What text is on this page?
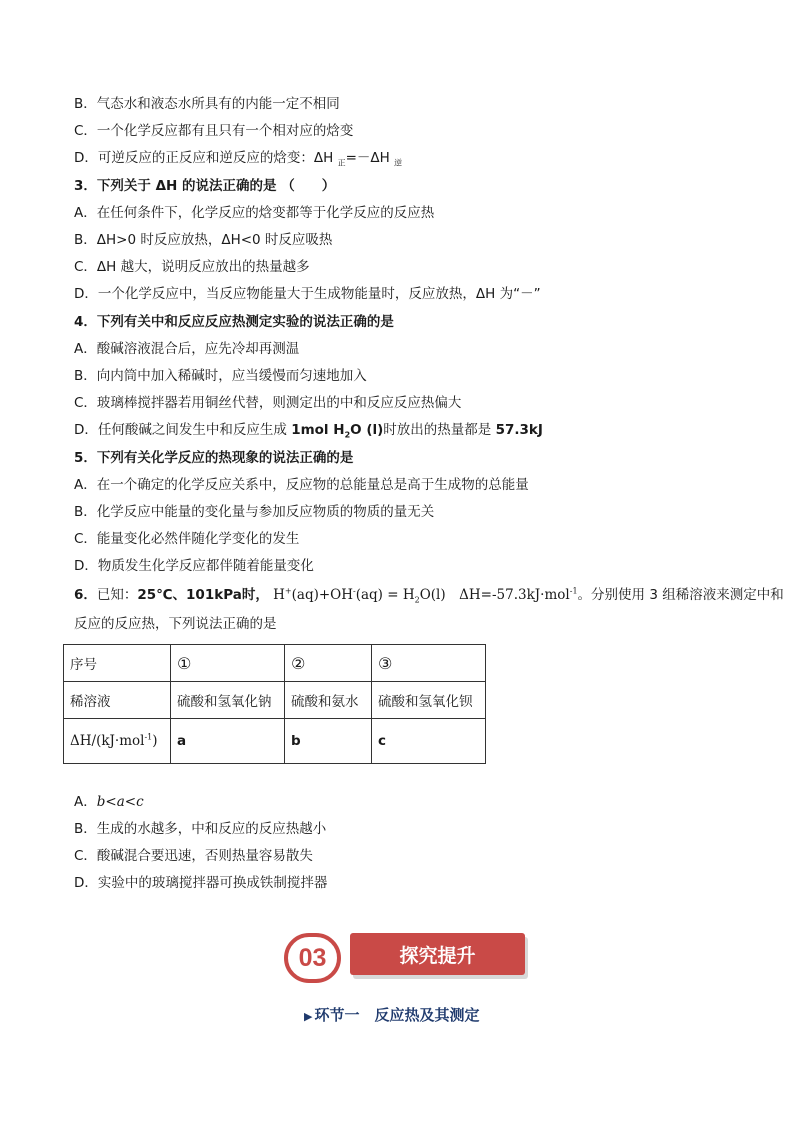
B．气态水和液态水所具有的内能一定不相同
C．一个化学反应都有且只有一个相对应的焓变
D．可逆反应的正反应和逆反应的焓变：ΔH $_正$=－ΔH $_逆$
3．下列关于 ΔH 的说法正确的是 （　　）
A．在任何条件下，化学反应的焓变都等于化学反应的反应热
B．ΔH>0 时反应放热，ΔH<0 时反应吸热
C．ΔH 越大，说明反应放出的热量越多
D．一个化学反应中，当反应物能量大于生成物能量时，反应放热，ΔH 为“－”
4．下列有关中和反应反应热测定实验的说法正确的是
A．酸碱溶液混合后，应先冷却再测温
B．向内筒中加入稀碱时，应当缓慢而匀速地加入
C．玻璃棒搅拌器若用铜丝代替，则测定出的中和反应反应热偏大
D．任何酸碱之间发生中和反应生成 1mol $H_2O$ (l)时放出的热量都是 57.3kJ
5．下列有关化学反应的热现象的说法正确的是
A．在一个确定的化学反应关系中，反应物的总能量总是高于生成物的总能量
B．化学反应中能量的变化量与参加反应物质的物质的量无关
C．能量变化必然伴随化学变化的发生
D．物质发生化学反应都伴随着能量变化
6．已知：25℃、101kPa时， $H^+(aq)+OH^-(aq) = H_2O(l)$　ΔH=-57.3kJ·mol$^{-1}$。分别使用 3 组稀溶液来测定中和
反应的反应热，下列说法正确的是
序号	①	②	③
稀溶液	硫酸和氢氧化钠	硫酸和氨水	硫酸和氢氧化钡
ΔH/(kJ·mol$^{-1}$)	a	b	c
A．b<a<c
B．生成的水越多，中和反应的反应热越小
C．酸碱混合要迅速，否则热量容易散失
D．实验中的玻璃搅拌器可换成铁制搅拌器
03	探究提升
▶ 环节一　反应热及其测定
